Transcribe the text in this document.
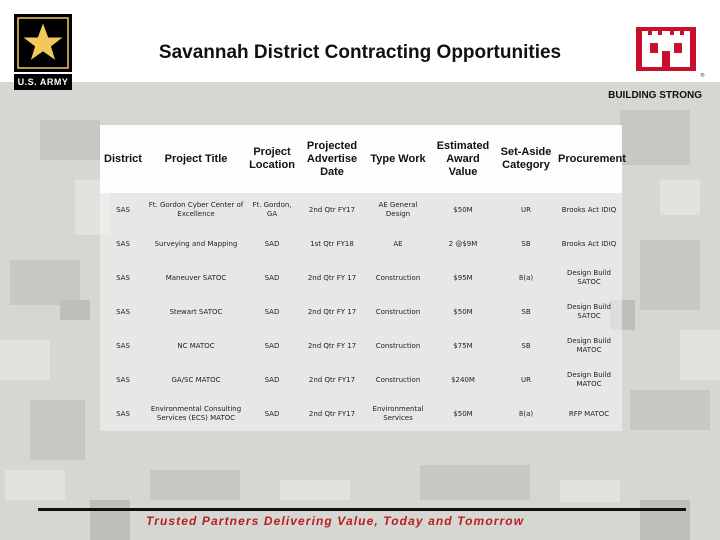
U.S. ARMY
Savannah District Contracting Opportunities
®
BUILDING STRONG
District	Project Title	Project Location	Projected Advertise Date	Type Work	Estimated Award Value	Set-Aside Category	Procurement
SAS	Ft. Gordon Cyber Center of Excellence	Ft. Gordon, GA	2nd Qtr FY17	AE General Design	$50M	UR	Brooks Act IDIQ
SAS	Surveying and Mapping	SAD	1st Qtr FY18	AE	2 @$9M	SB	Brooks Act IDIQ
SAS	Maneuver SATOC	SAD	2nd Qtr FY 17	Construction	$95M	8(a)	Design Build SATOC
SAS	Stewart SATOC	SAD	2nd Qtr FY 17	Construction	$50M	SB	Design Build SATOC
SAS	NC MATOC	SAD	2nd Qtr FY 17	Construction	$75M	SB	Design Build MATOC
SAS	GA/SC MATOC	SAD	2nd Qtr FY17	Construction	$240M	UR	Design Build MATOC
SAS	Environmental Consulting Services (ECS) MATOC	SAD	2nd Qtr FY17	Environmental Services	$50M	8(a)	RFP MATOC
Trusted Partners Delivering Value, Today and Tomorrow
